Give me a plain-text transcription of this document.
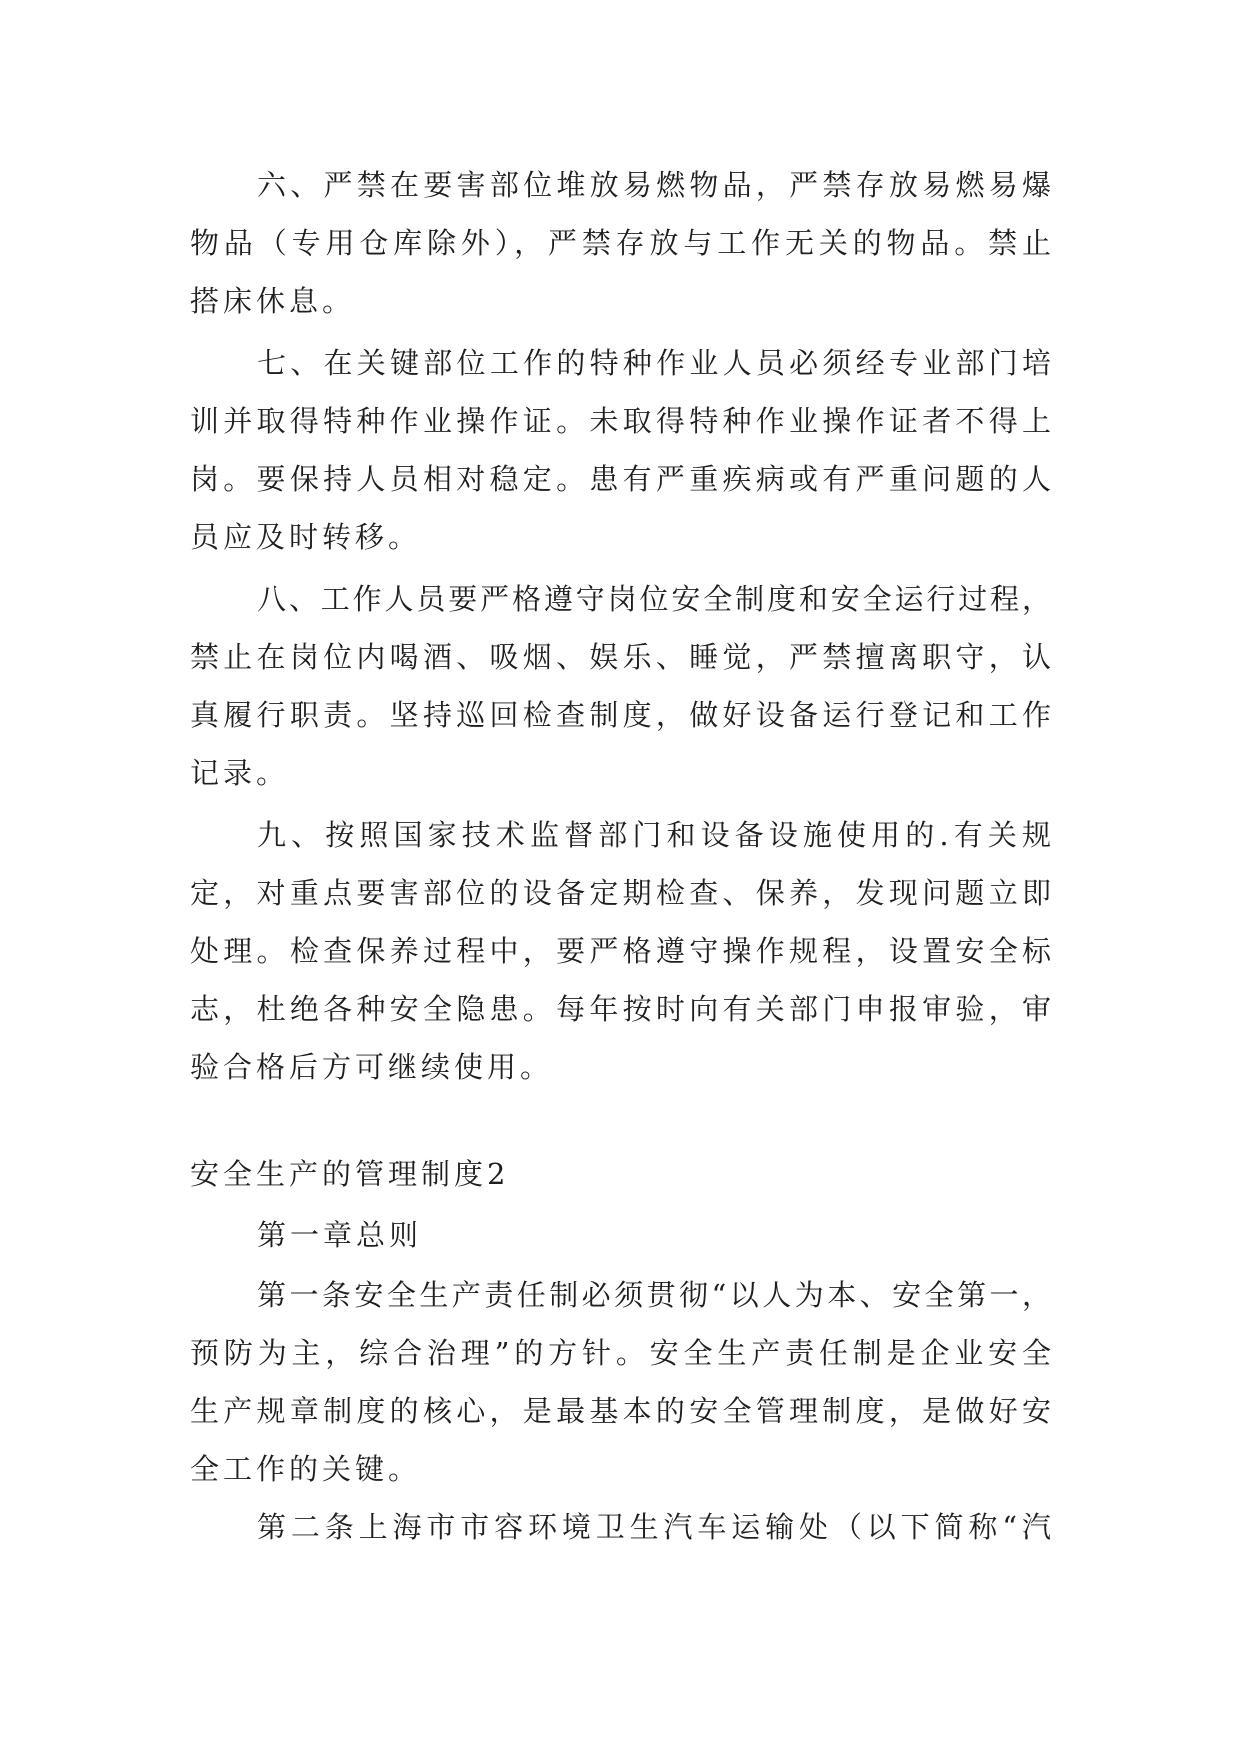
六、严禁在要害部位堆放易燃物品，严禁存放易燃易爆
物品（专用仓库除外），严禁存放与工作无关的物品。禁止
搭床休息。
七、在关键部位工作的特种作业人员必须经专业部门培
训并取得特种作业操作证。未取得特种作业操作证者不得上
岗。要保持人员相对稳定。患有严重疾病或有严重问题的人
员应及时转移。
八、工作人员要严格遵守岗位安全制度和安全运行过程，
禁止在岗位内喝酒、吸烟、娱乐、睡觉，严禁擅离职守，认
真履行职责。坚持巡回检查制度，做好设备运行登记和工作
记录。
九、按照国家技术监督部门和设备设施使用的.有关规
定，对重点要害部位的设备定期检查、保养，发现问题立即
处理。检查保养过程中，要严格遵守操作规程，设置安全标
志，杜绝各种安全隐患。每年按时向有关部门申报审验，审
验合格后方可继续使用。
安全生产的管理制度2
第一章总则
第一条安全生产责任制必须贯彻“以人为本、安全第一，
预防为主，综合治理”的方针。安全生产责任制是企业安全
生产规章制度的核心，是最基本的安全管理制度，是做好安
全工作的关键。
第二条上海市市容环境卫生汽车运输处（以下简称“汽
